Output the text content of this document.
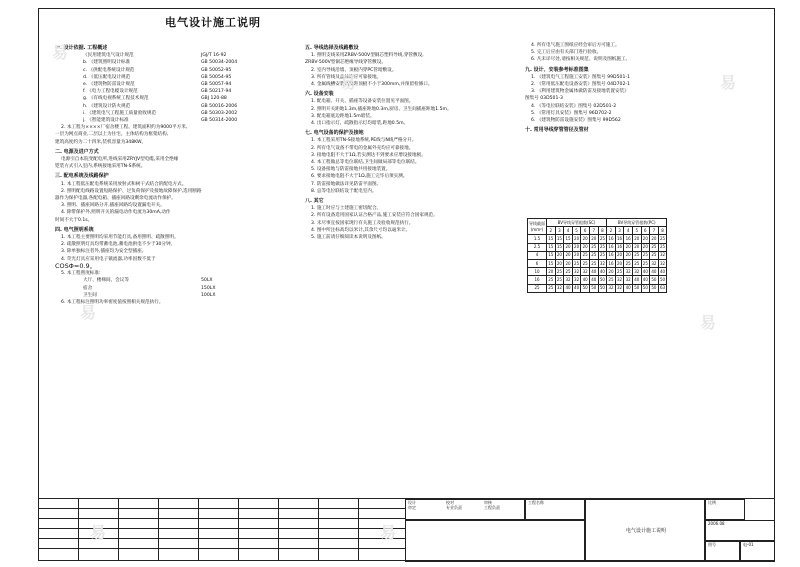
电气设计施工说明
一. 设计依据. 工程概述
《民用建筑电气设计规范	JGJ/T 16-92
b. 《建筑照明设计标准	GB 50034-2004
c. 《供配电系统设计规范	GB 50052-95
d. 《低压配电设计规范	GB 50054-95
e. 《建筑物防雷设计规范	GB 50057-94
f. 《电力工程电缆设计规范	GB 50217-94
g. 《有线电视系统工程技术规范	GBJ 120-88
h. 《建筑设计防火规范	GB 50016-2006
i. 《建筑电气工程施工质量验收规范	GB 50303-2002
j. 《智能建筑设计标准	GB 50314-2000
2. 本工程为××××厂宿舍楼工程。建筑面积约为9000平方米,
一层为网点商业,二层以上为住宅。主体结构为框架结构,
建筑高度约为二十四米,装机容量为348KW。
二. 电源及进户方式
电源引自本院变配电所,进线采用ZRYJV型电缆,采用全绝缘
铠装方式引入室内,系统接地采用TN-S系统。
三. 配电系统及线路保护
1. 本工程低压配电系统采用放射式和树干式结合的配电方式。
2. 照明配电线路设置短路保护、过负荷保护及接地故障保护,选用断路
器作为保护电器,各配电箱、插座回路设剩余电流动作保护。
3. 照明、插座回路分开,插座回路均设置漏电开关。
4. 除带保护外,照明开关的漏电动作电流为30mA,动作
时间不大于0.1s。
四. 电气照明系统
1. 本工程主要照明均采用节能灯具,备用照明、疏散照明。
2. 疏散照明灯具均带蓄电池,蓄电池供电不少于30分钟。
3. 除单独标注者外,插座均为安全型插座。
4. 荧光灯具应采用电子镇流器,功率因数不低于
COSΦ=0.9。
5. 本工程照度标准:
大厅、楼梯间、会议等	50LX
宿舍	150LX
卫生间	100LX
6. 本工程标注照明功率密度值按照相关规范执行。
五. 导线选择及线路敷设
1. 照明支线采用ZRBV-500V型铜芯塑料导线,穿管敷设,
ZRBV-500V型铜芯绝缘导线穿管敷设。
2. 室内导线沿墙、顶板内穿PC管暗敷设。
3. 所有管线及盒体均应可靠接地。
4. 金属线槽安装高度距顶板不小于300mm,并预留检修口。
六. 设备安装
1. 配电箱、开关、插座等设备安装位置见平面图。
2. 照明开关距地1.3m,插座距地0.3m,厨房、卫生间插座距地1.5m。
3. 配电箱底边距地1.5m暗装。
4. 出口指示灯、疏散指示灯均暗装,距地0.5m。
七. 电气设备的保护及接地
1. 本工程采用TN-S接地系统,PE线与N线严格分开。
2. 所有电气设备不带电的金属外壳均应可靠接地。
3. 接地电阻不大于1Ω,若实测达不到要求应增设接地极。
4. 本工程做总等电位联结,卫生间做局部等电位联结。
5. 设备接地与防雷接地共用接地装置。
6. 要求接地电阻不大于1Ω,施工完毕后须实测。
7. 防雷接地做法详见防雷平面图。
8. 总等电位联结设于配电室内。
八. 其它
1. 施工时应与土建施工密切配合。
2. 所有设备选用国家认证合格产品,施工安装应符合国家规范。
3. 未尽事宜按国家现行有关施工及验收规范执行。
4. 图中所注标高均以米计,其余尺寸均以毫米计。
5. 施工前请仔细阅读本说明及图纸。
4. 所有电气施工图纸应经会审后方可施工。
5. 完工后应由有关部门进行验收。
6. 凡未详尽处,请按相关规范、说明及图纸施工。
九. 设计、安装参考标准图集
1. 《建筑电气工程施工安装》图集号 99D501-1
2. 《常用低压配电设备安装》图集号 04D702-1
3. 《利用建筑物金属体做防雷及接地装置安装》
图集号 03D501-3
4. 《等电位联结安装》图集号 02D501-2
5. 《常用灯具安装》图集号 96D702-2
6. 《建筑物防雷设施安装》图集号 99D562
十. 常用导线穿管管径及管材
导线截面(mm²)	BV导线穿管根数(SC)							BV导线穿管根数(PC)						
	2	3	4	5	6	7	8	2	3	4	5	6	7	8
1.5	15	15	15	20	20	20	25	16	16	16	20	20	20	25
2.5	15	15	20	20	20	25	25	16	16	20	20	20	25	25
4	15	20	20	20	25	25	25	16	20	20	25	25	25	32
6	15	20	20	25	25	25	32	16	20	25	25	25	32	32
10	20	25	25	32	32	40	40	20	25	32	32	40	40	40
16	25	25	32	32	40	40	50	25	32	32	40	40	50	50
25	25	32	40	40	50	50	50	32	32	40	50	50	50	63
设计	校对	审核审定	专业负责	工程负责
工程名称
电气设计施工说明
比例
2006.08
图号	电-01
易
易	易
易
易
易	易
